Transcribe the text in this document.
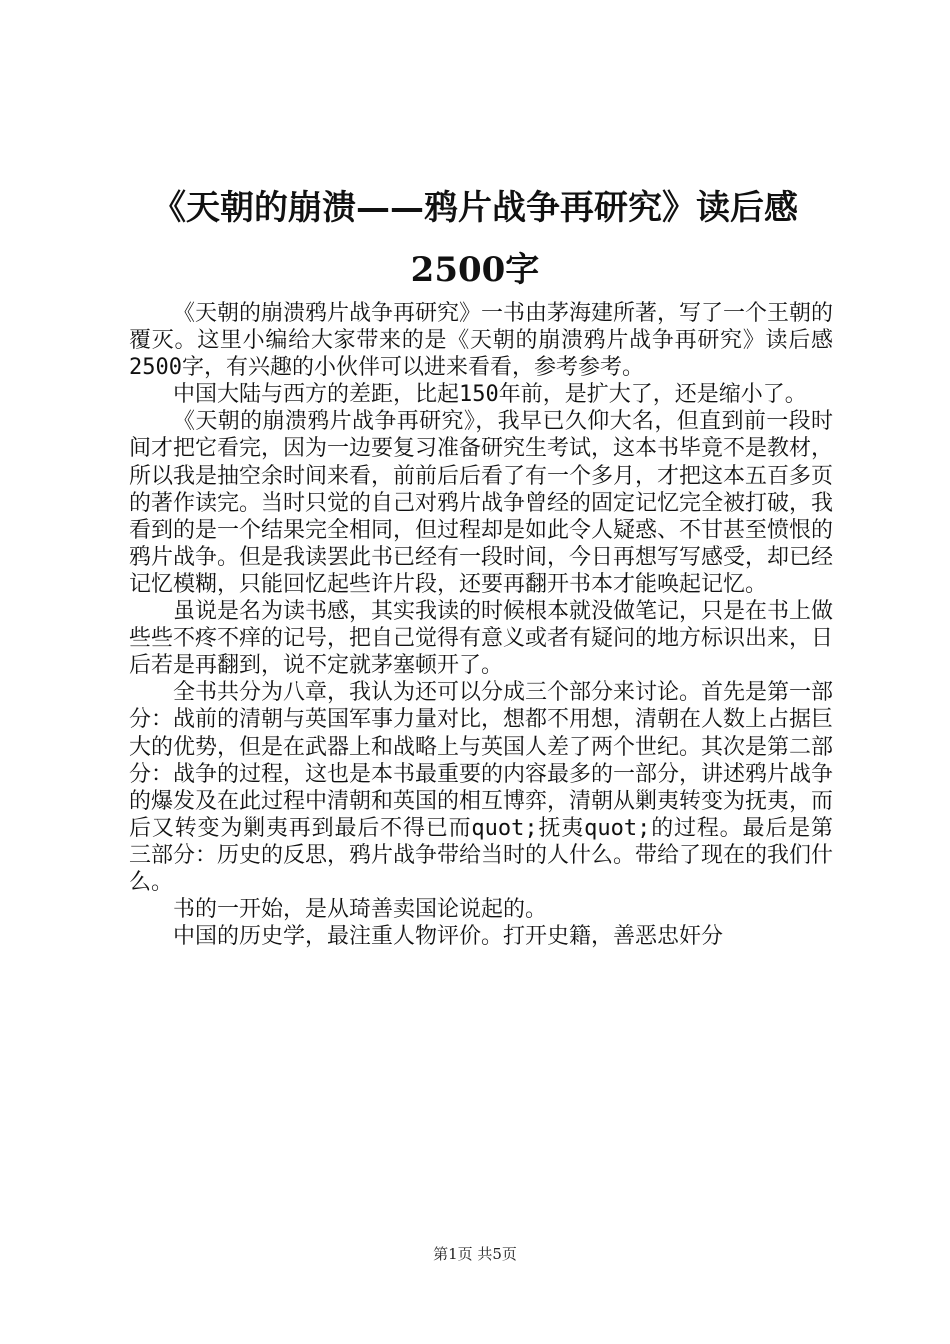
《天朝的崩溃——鸦片战争再研究》读后感
2500字

《天朝的崩溃鸦片战争再研究》一书由茅海建所著，写了一个王朝的覆灭。这里小编给大家带来的是《天朝的崩溃鸦片战争再研究》读后感2500字，有兴趣的小伙伴可以进来看看，参考参考。

中国大陆与西方的差距，比起150年前，是扩大了，还是缩小了。

《天朝的崩溃鸦片战争再研究》，我早已久仰大名，但直到前一段时间才把它看完，因为一边要复习准备研究生考试，这本书毕竟不是教材，所以我是抽空余时间来看，前前后后看了有一个多月，才把这本五百多页的著作读完。当时只觉的自己对鸦片战争曾经的固定记忆完全被打破，我看到的是一个结果完全相同，但过程却是如此令人疑惑、不甘甚至愤恨的鸦片战争。但是我读罢此书已经有一段时间，今日再想写写感受，却已经记忆模糊，只能回忆起些许片段，还要再翻开书本才能唤起记忆。

虽说是名为读书感，其实我读的时候根本就没做笔记，只是在书上做些些不疼不痒的记号，把自己觉得有意义或者有疑问的地方标识出来，日后若是再翻到，说不定就茅塞顿开了。

全书共分为八章，我认为还可以分成三个部分来讨论。首先是第一部分：战前的清朝与英国军事力量对比，想都不用想，清朝在人数上占据巨大的优势，但是在武器上和战略上与英国人差了两个世纪。其次是第二部分：战争的过程，这也是本书最重要的内容最多的一部分，讲述鸦片战争的爆发及在此过程中清朝和英国的相互博弈，清朝从剿夷转变为抚夷，而后又转变为剿夷再到最后不得已而quot;抚夷quot;的过程。最后是第三部分：历史的反思，鸦片战争带给当时的人什么。带给了现在的我们什么。

书的一开始，是从琦善卖国论说起的。

中国的历史学，最注重人物评价。打开史籍，善恶忠奸分

第1页 共5页
